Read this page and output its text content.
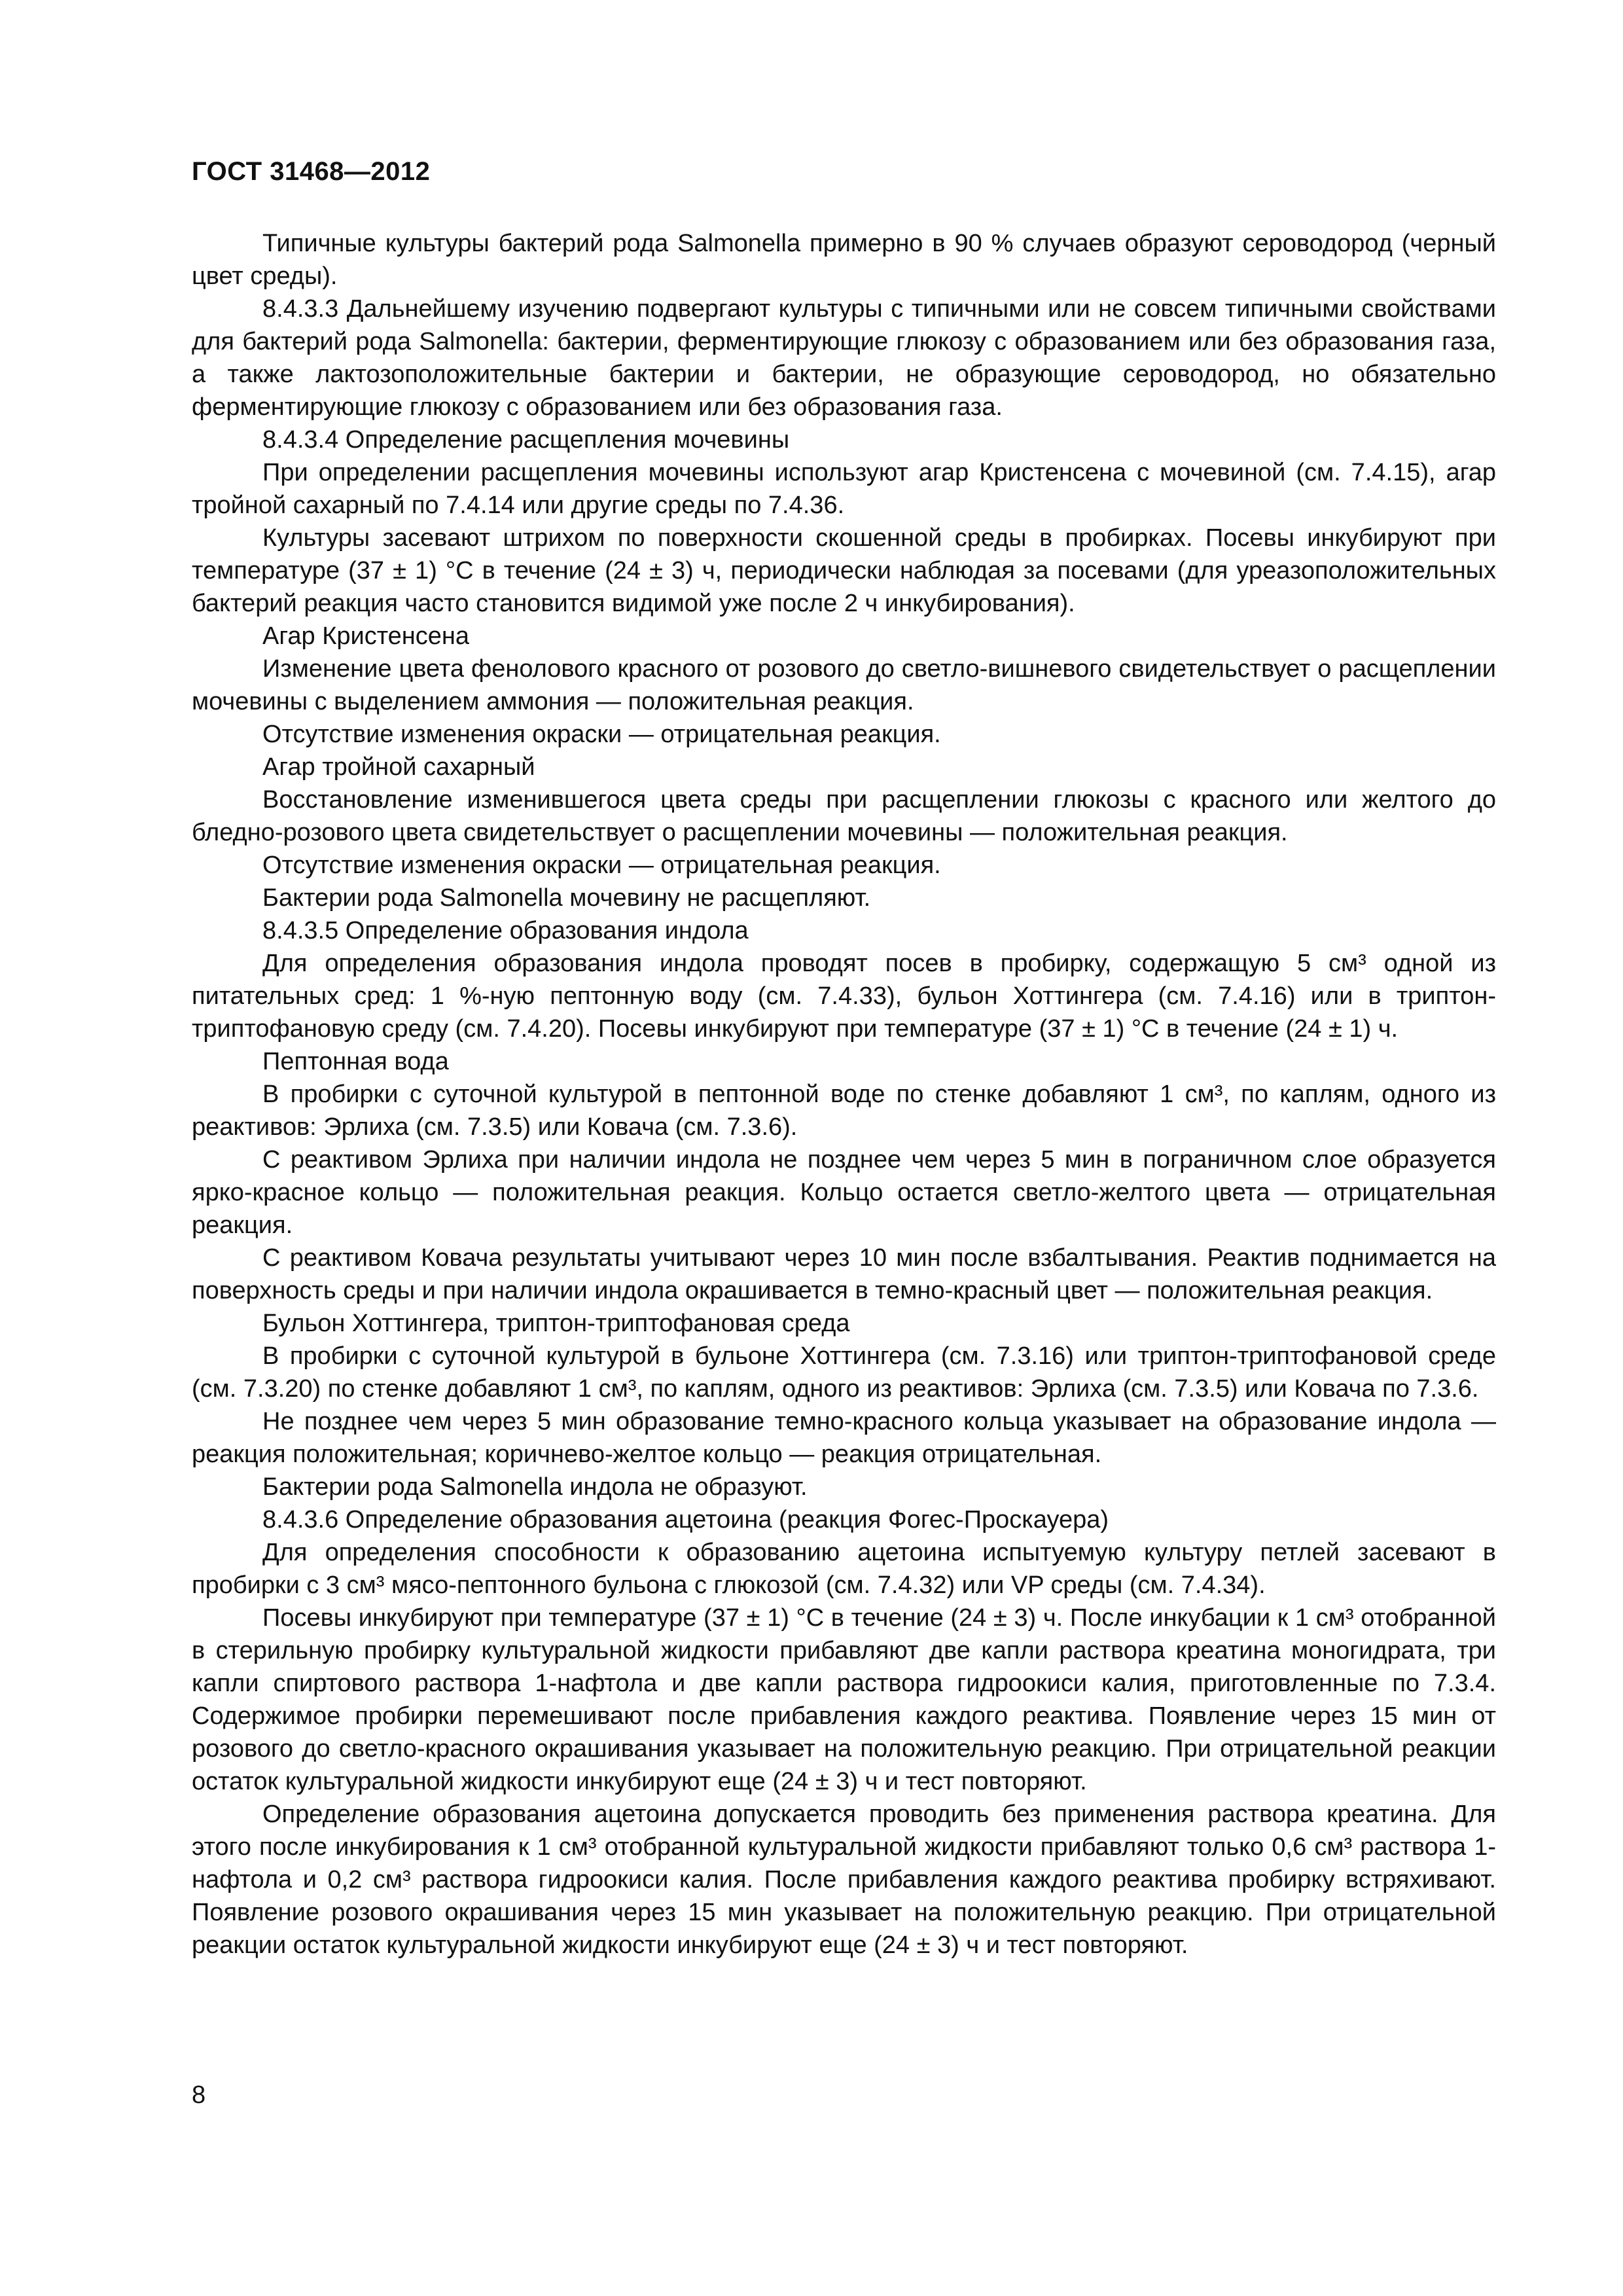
ГОСТ 31468—2012

Типичные культуры бактерий рода Salmonella примерно в 90 % случаев образуют сероводород (черный цвет среды).

8.4.3.3 Дальнейшему изучению подвергают культуры с типичными или не совсем типичными свойствами для бактерий рода Salmonella: бактерии, ферментирующие глюкозу с образованием или без образования газа, а также лактозоположительные бактерии и бактерии, не образующие сероводород, но обязательно ферментирующие глюкозу с образованием или без образования газа.

8.4.3.4 Определение расщепления мочевины

При определении расщепления мочевины используют агар Кристенсена с мочевиной (см. 7.4.15), агар тройной сахарный по 7.4.14 или другие среды по 7.4.36.

Культуры засевают штрихом по поверхности скошенной среды в пробирках. Посевы инкубируют при температуре (37 ± 1) °С в течение (24 ± 3) ч, периодически наблюдая за посевами (для уреазоположительных бактерий реакция часто становится видимой уже после 2 ч инкубирования).

Агар Кристенсена

Изменение цвета фенолового красного от розового до светло-вишневого свидетельствует о расщеплении мочевины с выделением аммония — положительная реакция.

Отсутствие изменения окраски — отрицательная реакция.

Агар тройной сахарный

Восстановление изменившегося цвета среды при расщеплении глюкозы с красного или желтого до бледно-розового цвета свидетельствует о расщеплении мочевины — положительная реакция.

Отсутствие изменения окраски — отрицательная реакция.

Бактерии рода Salmonella мочевину не расщепляют.

8.4.3.5 Определение образования индола

Для определения образования индола проводят посев в пробирку, содержащую 5 см³ одной из питательных сред: 1 %-ную пептонную воду (см. 7.4.33), бульон Хоттингера (см. 7.4.16) или в триптон-триптофановую среду (см. 7.4.20). Посевы инкубируют при температуре (37 ± 1) °С в течение (24 ± 1) ч.

Пептонная вода

В пробирки с суточной культурой в пептонной воде по стенке добавляют 1 см³, по каплям, одного из реактивов: Эрлиха (см. 7.3.5) или Ковача (см. 7.3.6).

С реактивом Эрлиха при наличии индола не позднее чем через 5 мин в пограничном слое образуется ярко-красное кольцо — положительная реакция. Кольцо остается светло-желтого цвета — отрицательная реакция.

С реактивом Ковача результаты учитывают через 10 мин после взбалтывания. Реактив поднимается на поверхность среды и при наличии индола окрашивается в темно-красный цвет — положительная реакция.

Бульон Хоттингера, триптон-триптофановая среда

В пробирки с суточной культурой в бульоне Хоттингера (см. 7.3.16) или триптон-триптофановой среде (см. 7.3.20) по стенке добавляют 1 см³, по каплям, одного из реактивов: Эрлиха (см. 7.3.5) или Ковача по 7.3.6.

Не позднее чем через 5 мин образование темно-красного кольца указывает на образование индола — реакция положительная; коричнево-желтое кольцо — реакция отрицательная.

Бактерии рода Salmonella индола не образуют.

8.4.3.6 Определение образования ацетоина (реакция Фогес-Проскауера)

Для определения способности к образованию ацетоина испытуемую культуру петлей засевают в пробирки с 3 см³ мясо-пептонного бульона с глюкозой (см. 7.4.32) или VP среды (см. 7.4.34).

Посевы инкубируют при температуре (37 ± 1) °С в течение (24 ± 3) ч. После инкубации к 1 см³ отобранной в стерильную пробирку культуральной жидкости прибавляют две капли раствора креатина моногидрата, три капли спиртового раствора 1-нафтола и две капли раствора гидроокиси калия, приготовленные по 7.3.4. Содержимое пробирки перемешивают после прибавления каждого реактива. Появление через 15 мин от розового до светло-красного окрашивания указывает на положительную реакцию. При отрицательной реакции остаток культуральной жидкости инкубируют еще (24 ± 3) ч и тест повторяют.

Определение образования ацетоина допускается проводить без применения раствора креатина. Для этого после инкубирования к 1 см³ отобранной культуральной жидкости прибавляют только 0,6 см³ раствора 1-нафтола и 0,2 см³ раствора гидроокиси калия. После прибавления каждого реактива пробирку встряхивают. Появление розового окрашивания через 15 мин указывает на положительную реакцию. При отрицательной реакции остаток культуральной жидкости инкубируют еще (24 ± 3) ч и тест повторяют.

8
